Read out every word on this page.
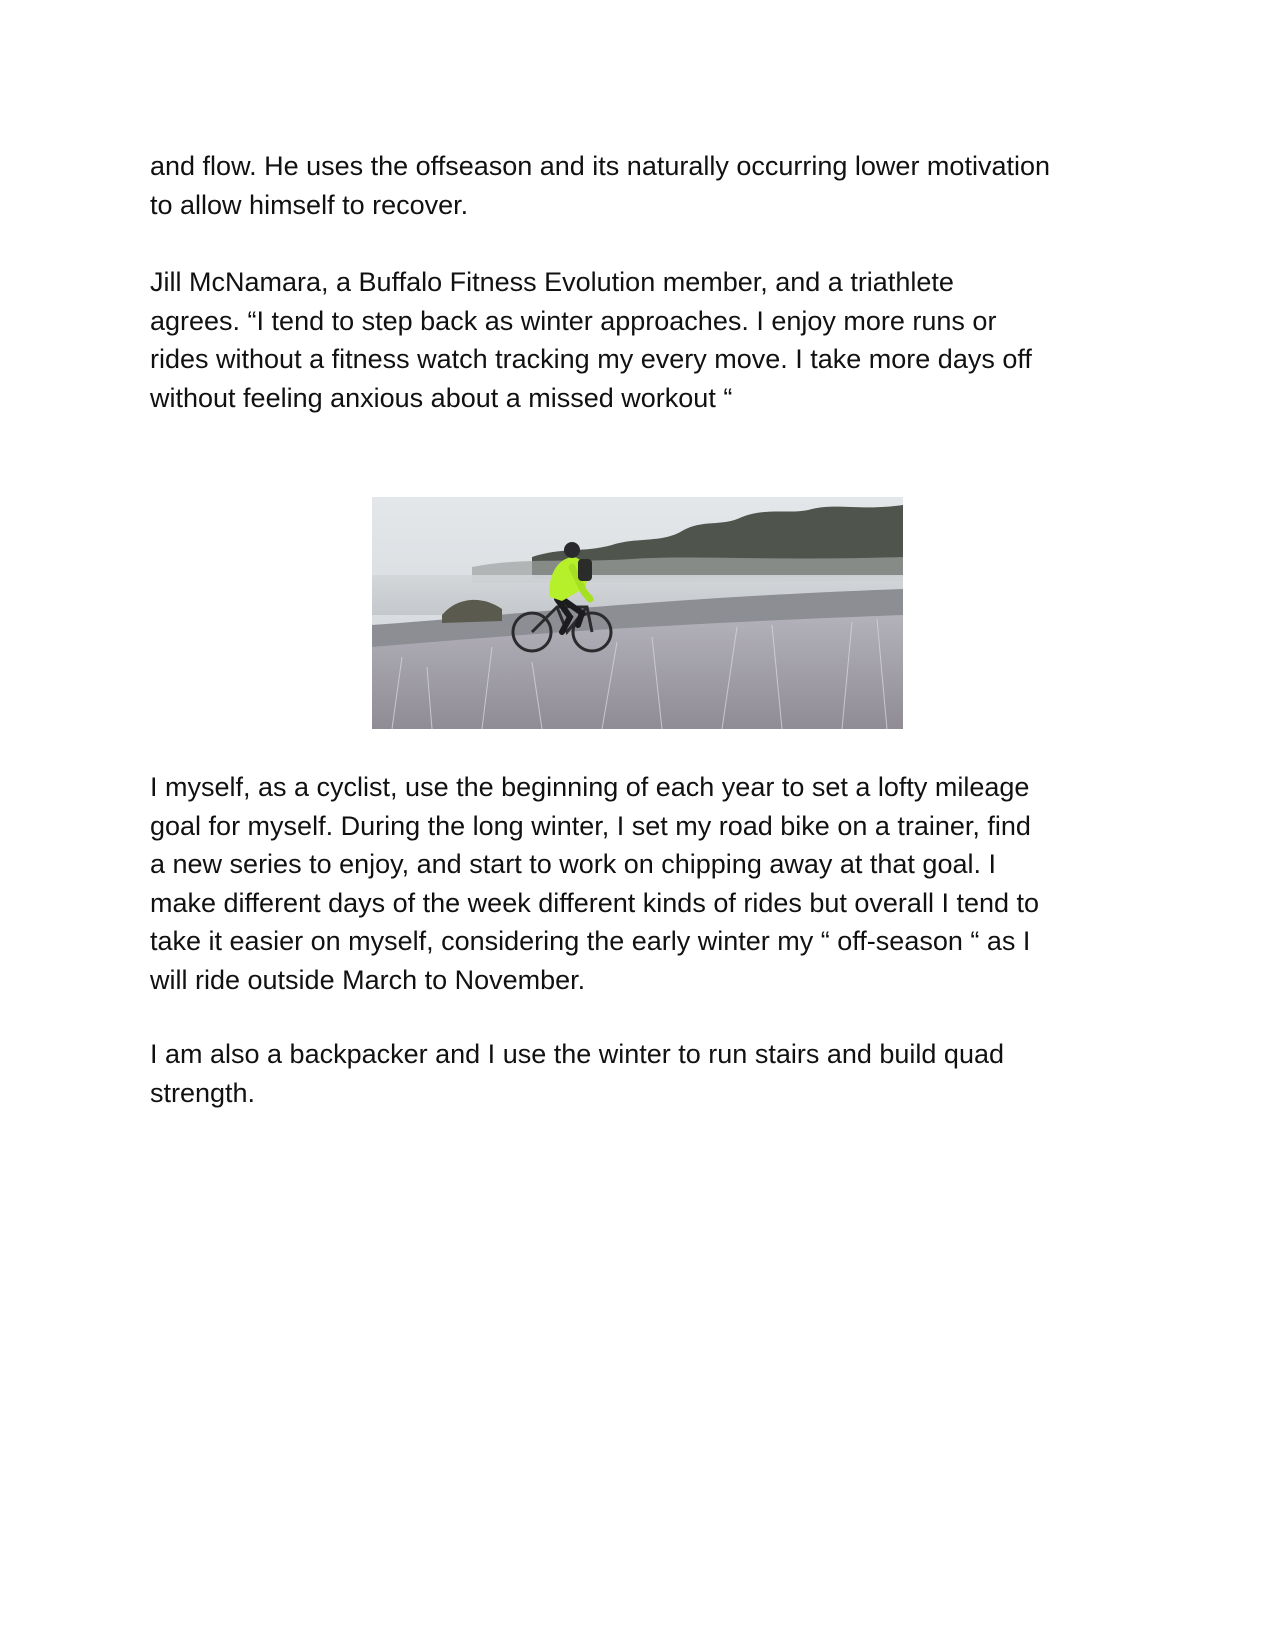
and flow. He uses the offseason and its naturally occurring lower motivation
to allow himself to recover.

Jill McNamara, a Buffalo Fitness Evolution member, and a triathlete
agrees. “I tend to step back as winter approaches. I enjoy more runs or
rides without a fitness watch tracking my every move. I take more days off
without feeling anxious about a missed workout “

I myself, as a cyclist, use the beginning of each year to set a lofty mileage
goal for myself. During the long winter, I set my road bike on a trainer, find
a new series to enjoy, and start to work on chipping away at that goal. I
make different days of the week different kinds of rides but overall I tend to
take it easier on myself, considering the early winter my “ off-season “ as I
will ride outside March to November.

I am also a backpacker and I use the winter to run stairs and build quad
strength.
